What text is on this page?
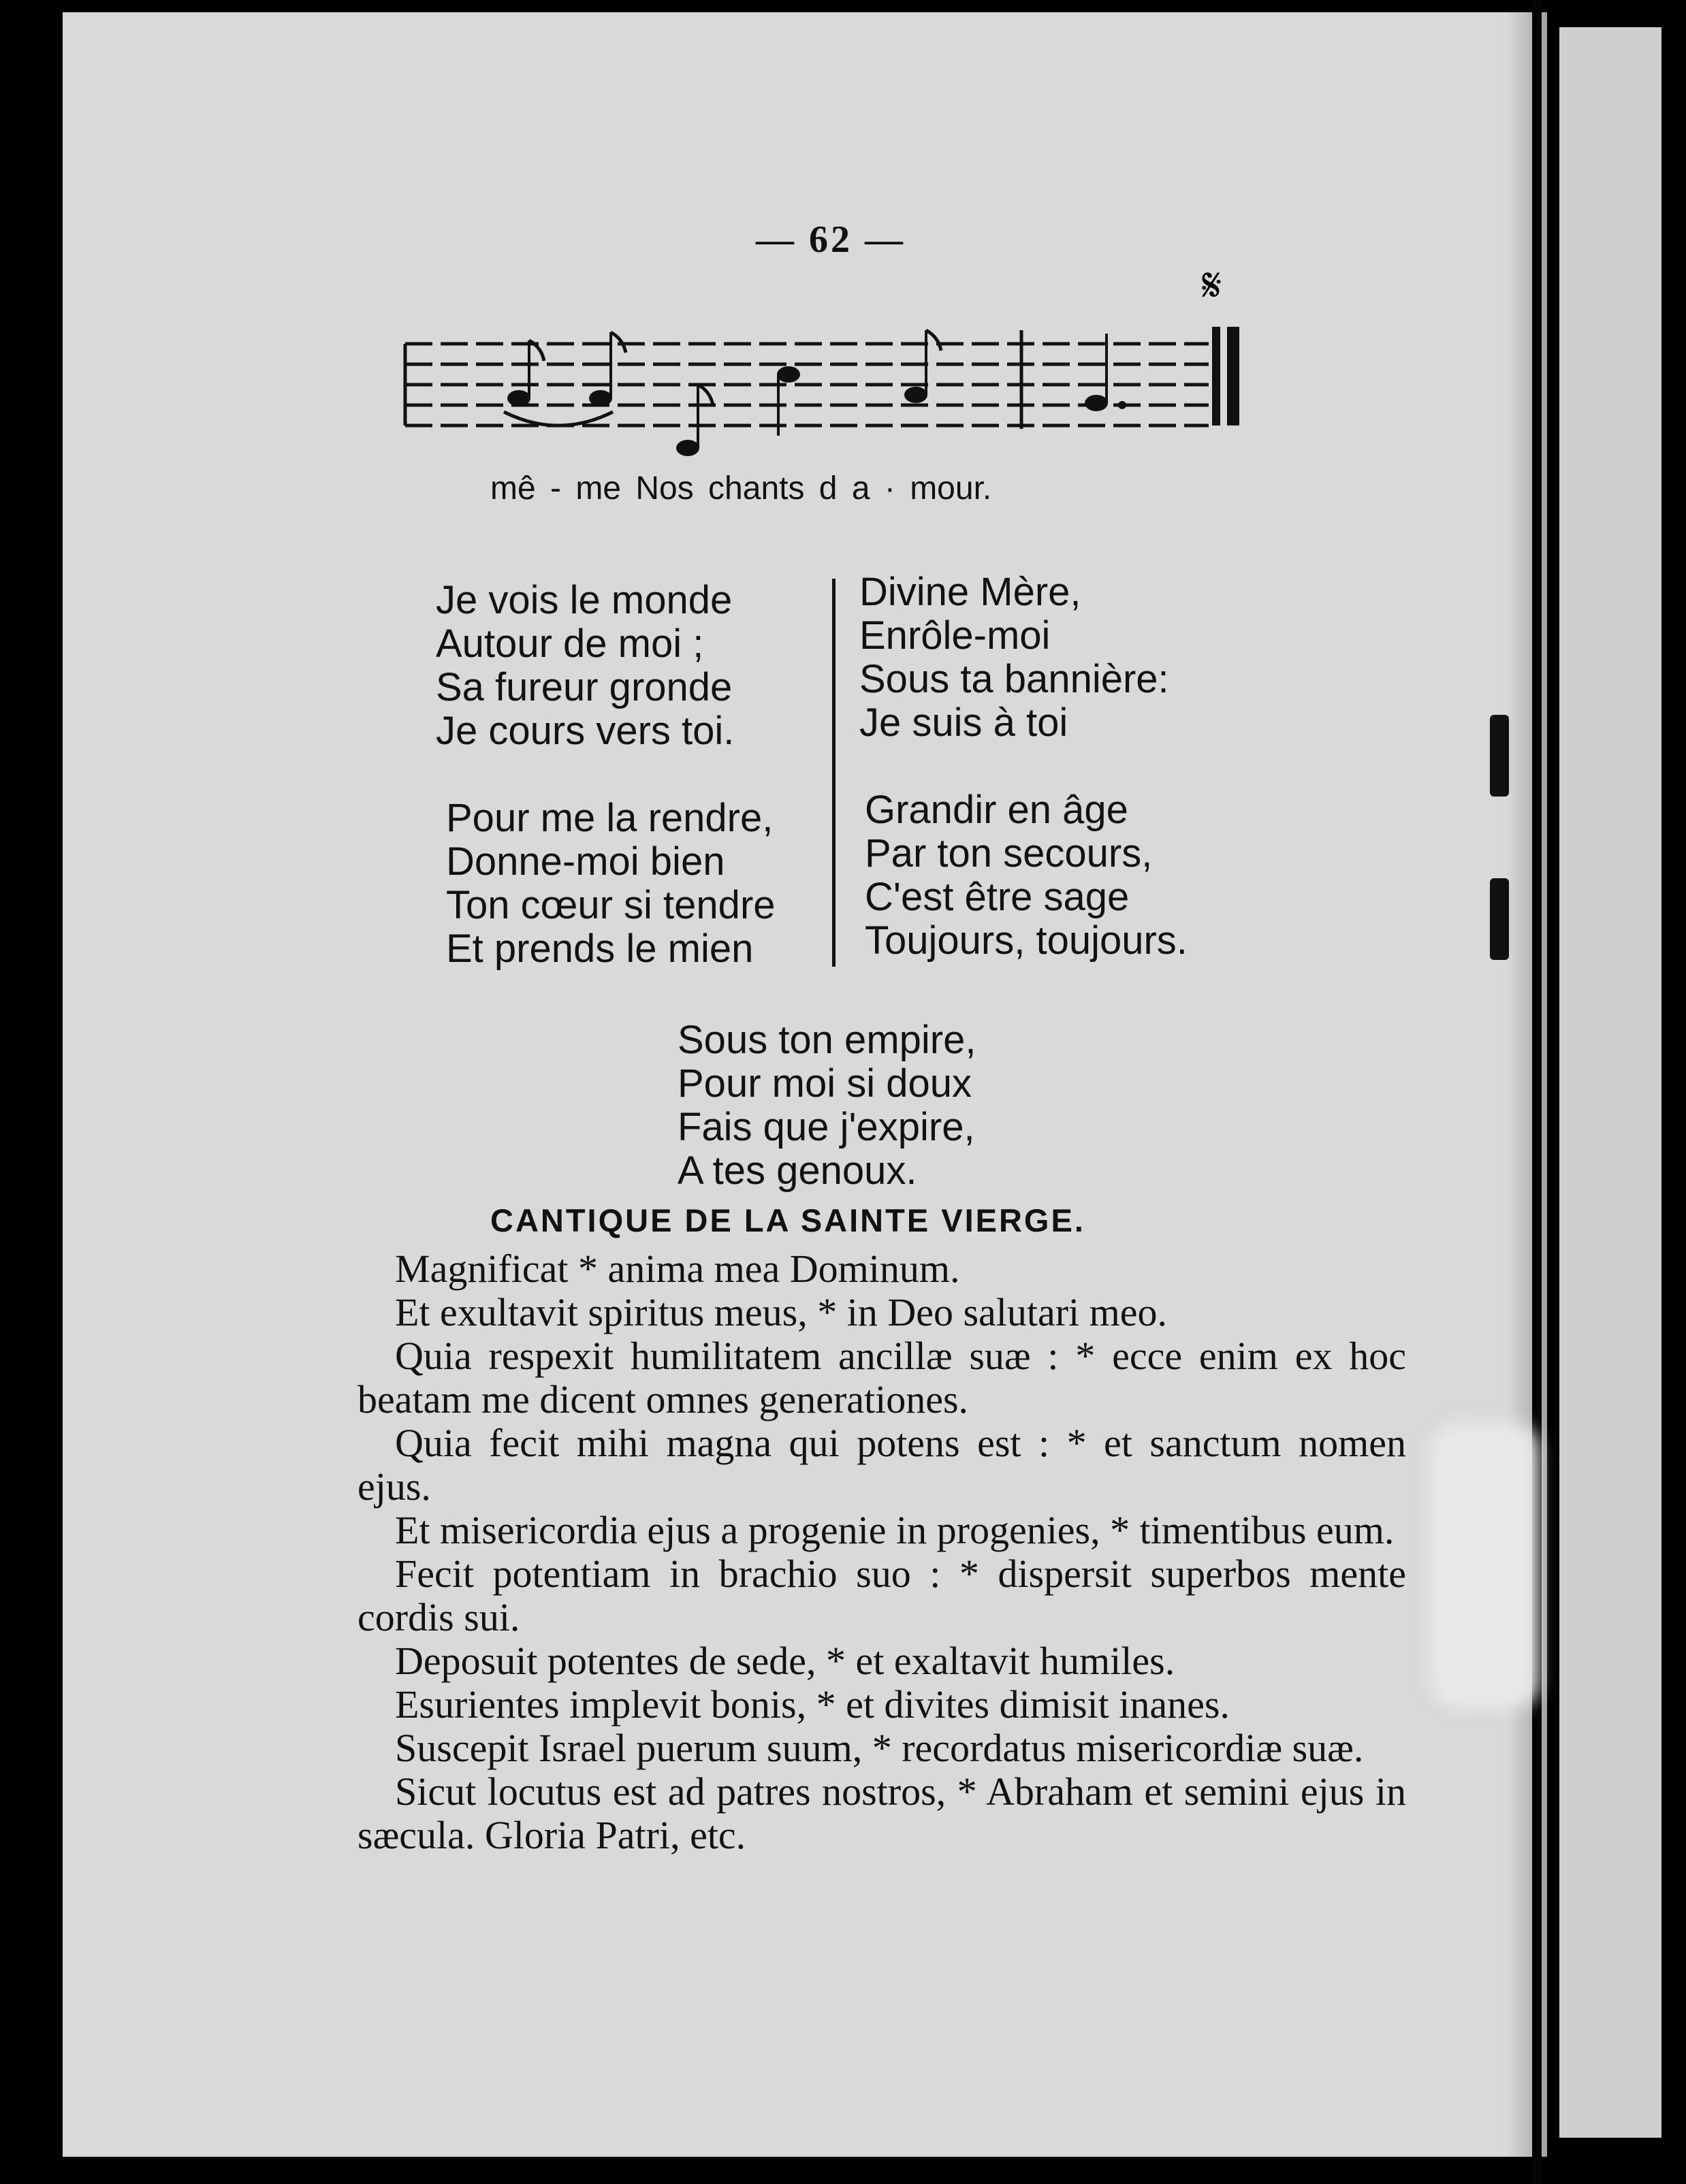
— 62 —
𝄋
mê - me Nos chants d a · mour.
Je vois le monde
Autour de moi ;
Sa fureur gronde
Je cours vers toi.
Pour me la rendre,
Donne-moi bien
Ton cœur si tendre
Et prends le mien
Divine Mère,
Enrôle-moi
Sous ta bannière:
Je suis à toi
Grandir en âge
Par ton secours,
C'est être sage
Toujours, toujours.
Sous ton empire,
Pour moi si doux
Fais que j'expire,
A tes genoux.
CANTIQUE DE LA SAINTE VIERGE.

Magnificat * anima mea Dominum.

Et exultavit spiritus meus, * in Deo salutari meo.

Quia respexit humilitatem ancillæ suæ : * ecce enim ex hoc beatam me dicent omnes generationes.

Quia fecit mihi magna qui potens est : * et sanctum nomen ejus.

Et misericordia ejus a progenie in progenies, * timentibus eum.

Fecit potentiam in brachio suo : * dispersit superbos mente cordis sui.

Deposuit potentes de sede, * et exaltavit humiles.

Esurientes implevit bonis, * et divites dimisit inanes.

Suscepit Israel puerum suum, * recordatus misericordiæ suæ.

Sicut locutus est ad patres nostros, * Abraham et semini ejus in sæcula. Gloria Patri, etc.
